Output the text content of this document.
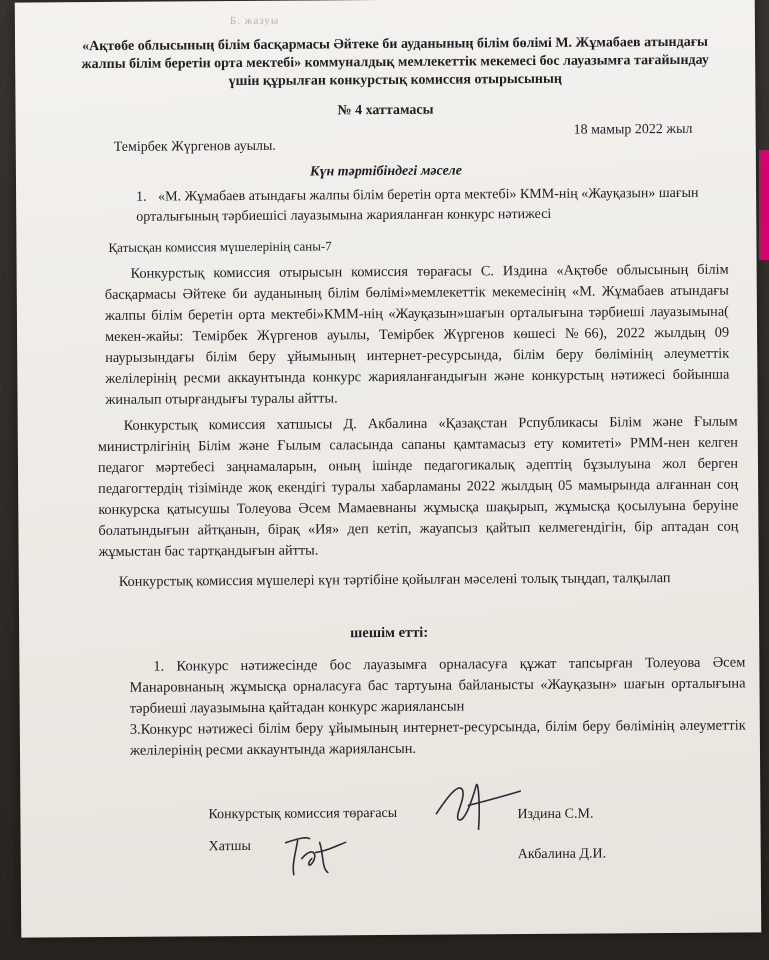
Б. жазуы
«Ақтөбе облысының білім басқармасы Әйтеке би ауданының білім бөлімі М. Жұмабаев атындағы жалпы білім беретін орта мектебі» коммуналдық мемлекеттік мекемесі бос лауазымға тағайындау үшін құрылған конкурстық комиссия отырысының
№ 4 хаттамасы
Темірбек Жүргенов ауылы.
18 мамыр 2022 жыл
Күн тәртібіндегі мәселе
1. «М. Жұмабаев атындағы жалпы білім беретін орта мектебі» КММ-нің «Жауқазын» шағын орталығының тәрбиешісі лауазымына жарияланған конкурс нәтижесі
Қатысқан комиссия мүшелерінің саны-7
Конкурстық комиссия отырысын комиссия төрағасы С. Издина «Ақтөбе облысының білім басқармасы Әйтеке би ауданының білім бөлімі»мемлекеттік мекемесінің «М. Жұмабаев атындағы жалпы білім беретін орта мектебі»КММ-нің «Жауқазын»шағын орталығына тәрбиеші лауазымына( мекен-жайы: Темірбек Жүргенов ауылы, Темірбек Жүргенов көшесі №66), 2022 жылдың 09 наурызындағы білім беру ұйымының интернет-ресурсында, білім беру бөлімінің әлеуметтік желілерінің ресми аккаунтында конкурс жарияланғандығын және конкурстың нәтижесі бойынша жиналып отырғандығы туралы айтты.
Конкурстық комиссия хатшысы Д. Акбалина «Қазақстан Рспубликасы Білім және Ғылым министрлігінің Білім және Ғылым саласында сапаны қамтамасыз ету комитеті» РММ-нен келген педагог мәртебесі заңнамаларын, оның ішінде педагогикалық әдептің бұзылуына жол берген педагогтердің тізімінде жоқ екендігі туралы хабарламаны 2022 жылдың 05 мамырында алғаннан соң конкурска қатысушы Толеуова Әсем Мамаевнаны жұмысқа шақырып, жұмысқа қосылуына беруіне болатындығын айтқанын, бірақ «Ия» деп кетіп, жауапсыз қайтып келмегендігін, бір аптадан соң жұмыстан бас тартқандығын айтты.
Конкурстық комиссия мүшелері күн тәртібіне қойылған мәселені толық тыңдап, талқылап
шешім етті:

1. Конкурс нәтижесінде бос лауазымға орналасуға құжат тапсырған Толеуова Әсем Манаровнаның жұмысқа орналасуға бас тартуына байланысты «Жауқазын» шағын орталығына тәрбиеші лауазымына қайтадан конкурс жариялансын

3.Конкурс нәтижесі білім беру ұйымының интернет-ресурсында, білім беру бөлімінің әлеуметтік желілерінің ресми аккаунтында жариялансын.

Конкурстық комиссия төрағасы	Издина С.М.
Хатшы	Акбалина Д.И.
